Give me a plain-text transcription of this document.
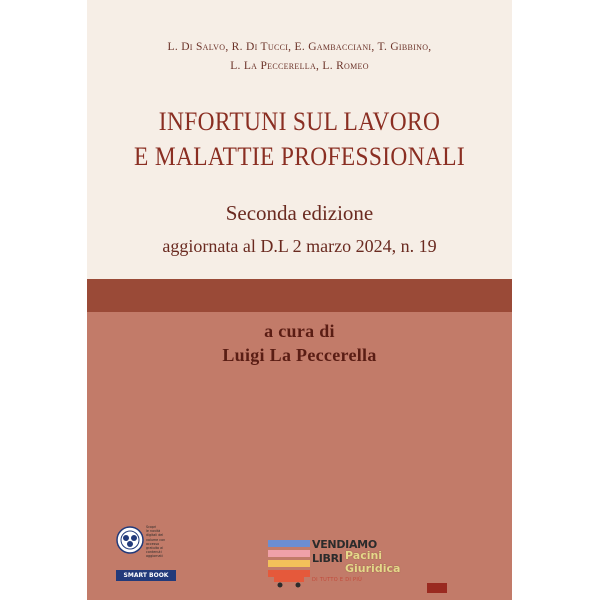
L. Di Salvo, R. Di Tucci, E. Gambacciani, T. Gibbino,
L. La Peccerella, L. Romeo
INFORTUNI SUL LAVORO
E MALATTIE PROFESSIONALI
Seconda edizione
aggiornata al D.L 2 marzo 2024, n. 19
a cura di
Luigi La Peccerella
Scopri
le novità
digitali del
volume con
accesso
gratuito ai
contenuti
aggiornati
SMART BOOK
VENDIAMO
LIBRI
DI TUTTO E DI PIÙ
Pacini
Giuridica
